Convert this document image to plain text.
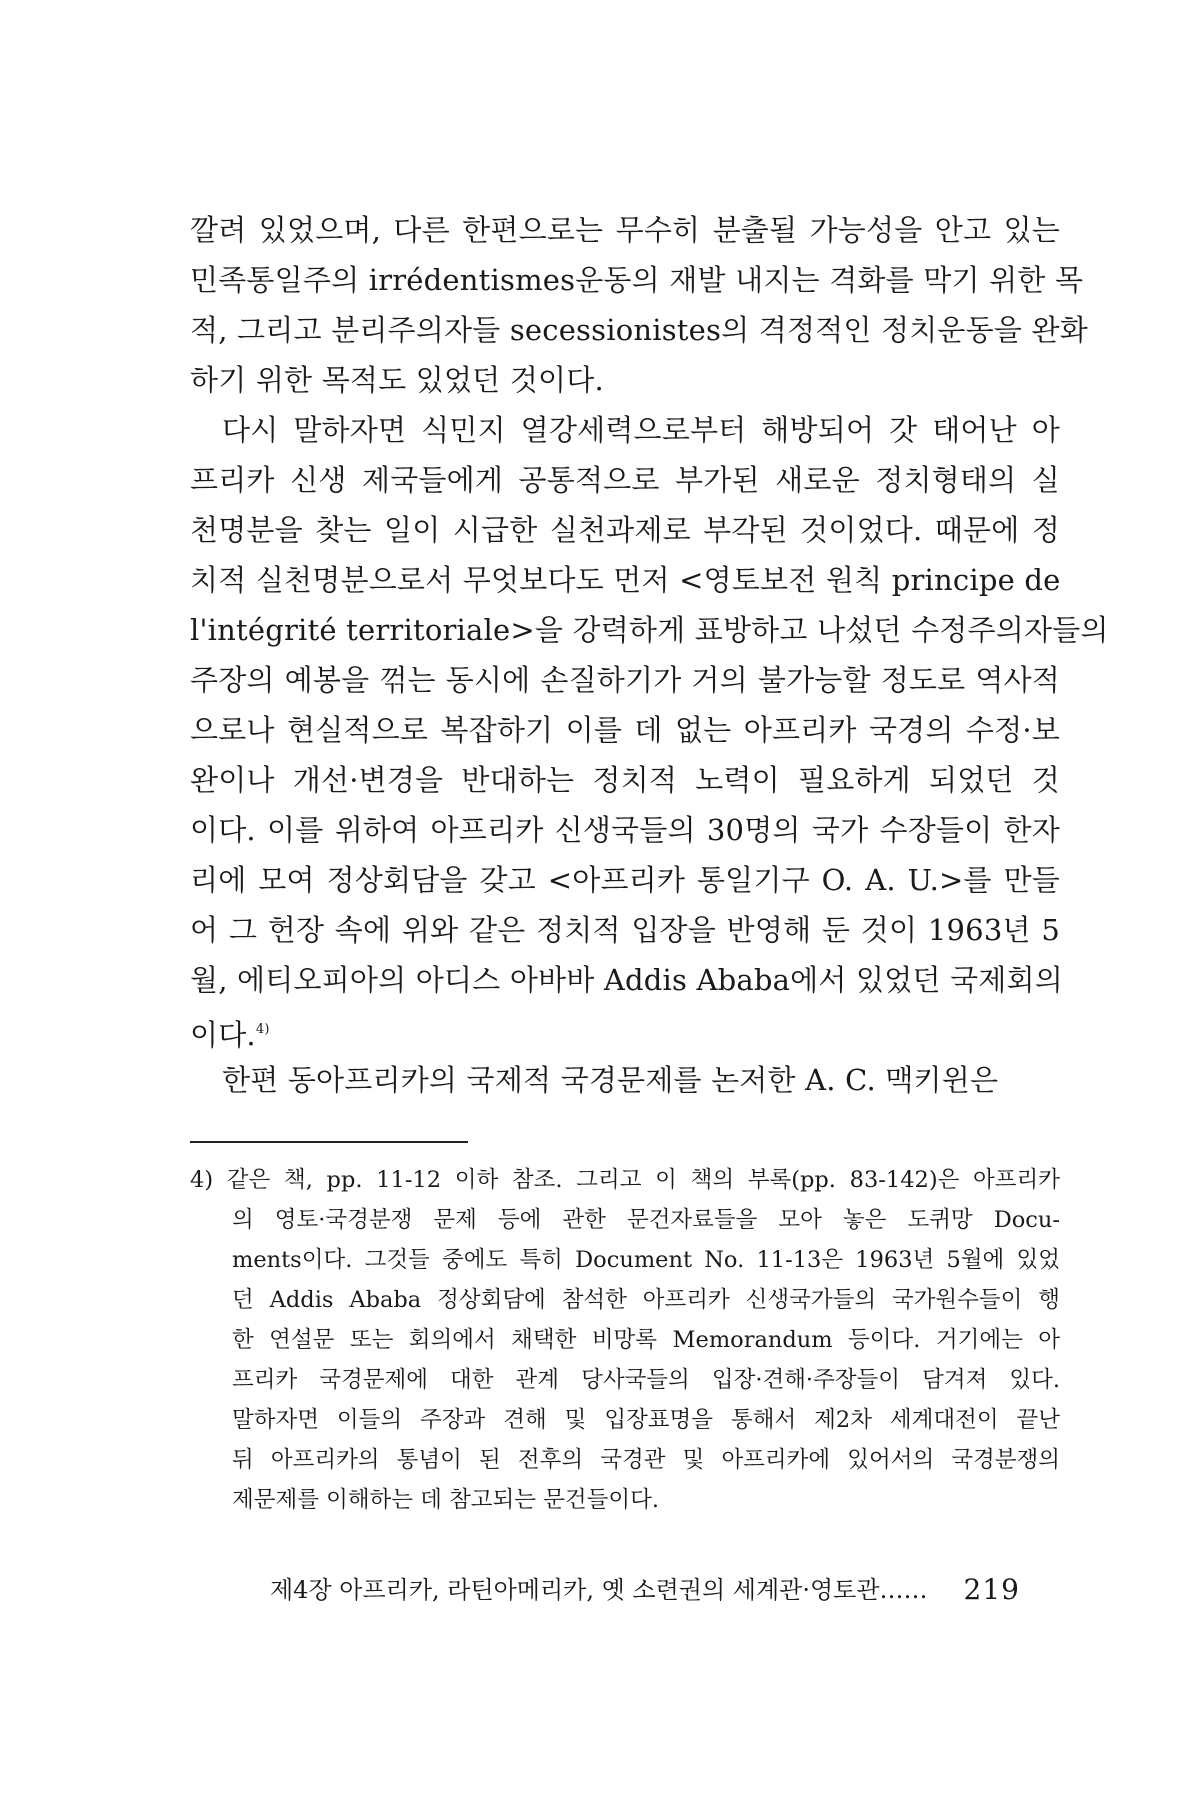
깔려 있었으며, 다른 한편으로는 무수히 분출될 가능성을 안고 있는
민족통일주의 irrédentismes운동의 재발 내지는 격화를 막기 위한 목
적, 그리고 분리주의자들 secessionistes의 격정적인 정치운동을 완화
하기 위한 목적도 있었던 것이다.
다시 말하자면 식민지 열강세력으로부터 해방되어 갓 태어난 아
프리카 신생 제국들에게 공통적으로 부가된 새로운 정치형태의 실
천명분을 찾는 일이 시급한 실천과제로 부각된 것이었다. 때문에 정
치적 실천명분으로서 무엇보다도 먼저 <영토보전 원칙 principe de
l'intégrité territoriale>을 강력하게 표방하고 나섰던 수정주의자들의
주장의 예봉을 꺾는 동시에 손질하기가 거의 불가능할 정도로 역사적
으로나 현실적으로 복잡하기 이를 데 없는 아프리카 국경의 수정·보
완이나 개선·변경을 반대하는 정치적 노력이 필요하게 되었던 것
이다. 이를 위하여 아프리카 신생국들의 30명의 국가 수장들이 한자
리에 모여 정상회담을 갖고 <아프리카 통일기구 O. A. U.>를 만들
어 그 헌장 속에 위와 같은 정치적 입장을 반영해 둔 것이 1963년 5
월, 에티오피아의 아디스 아바바 Addis Ababa에서 있었던 국제회의
이다.$^{4)}$
한편 동아프리카의 국제적 국경문제를 논저한 A. C. 맥키윈은
4) 같은 책, pp. 11-12 이하 참조. 그리고 이 책의 부록(pp. 83-142)은 아프리카
의 영토·국경분쟁 문제 등에 관한 문건자료들을 모아 놓은 도퀴망 Docu-
ments이다. 그것들 중에도 특히 Document No. 11-13은 1963년 5월에 있었
던 Addis Ababa 정상회담에 참석한 아프리카 신생국가들의 국가원수들이 행
한 연설문 또는 회의에서 채택한 비망록 Memorandum 등이다. 거기에는 아
프리카 국경문제에 대한 관계 당사국들의 입장·견해·주장들이 담겨져 있다.
말하자면 이들의 주장과 견해 및 입장표명을 통해서 제2차 세계대전이 끝난
뒤 아프리카의 통념이 된 전후의 국경관 및 아프리카에 있어서의 국경분쟁의
제문제를 이해하는 데 참고되는 문건들이다.
제4장 아프리카, 라틴아메리카, 옛 소련권의 세계관·영토관…… 219
